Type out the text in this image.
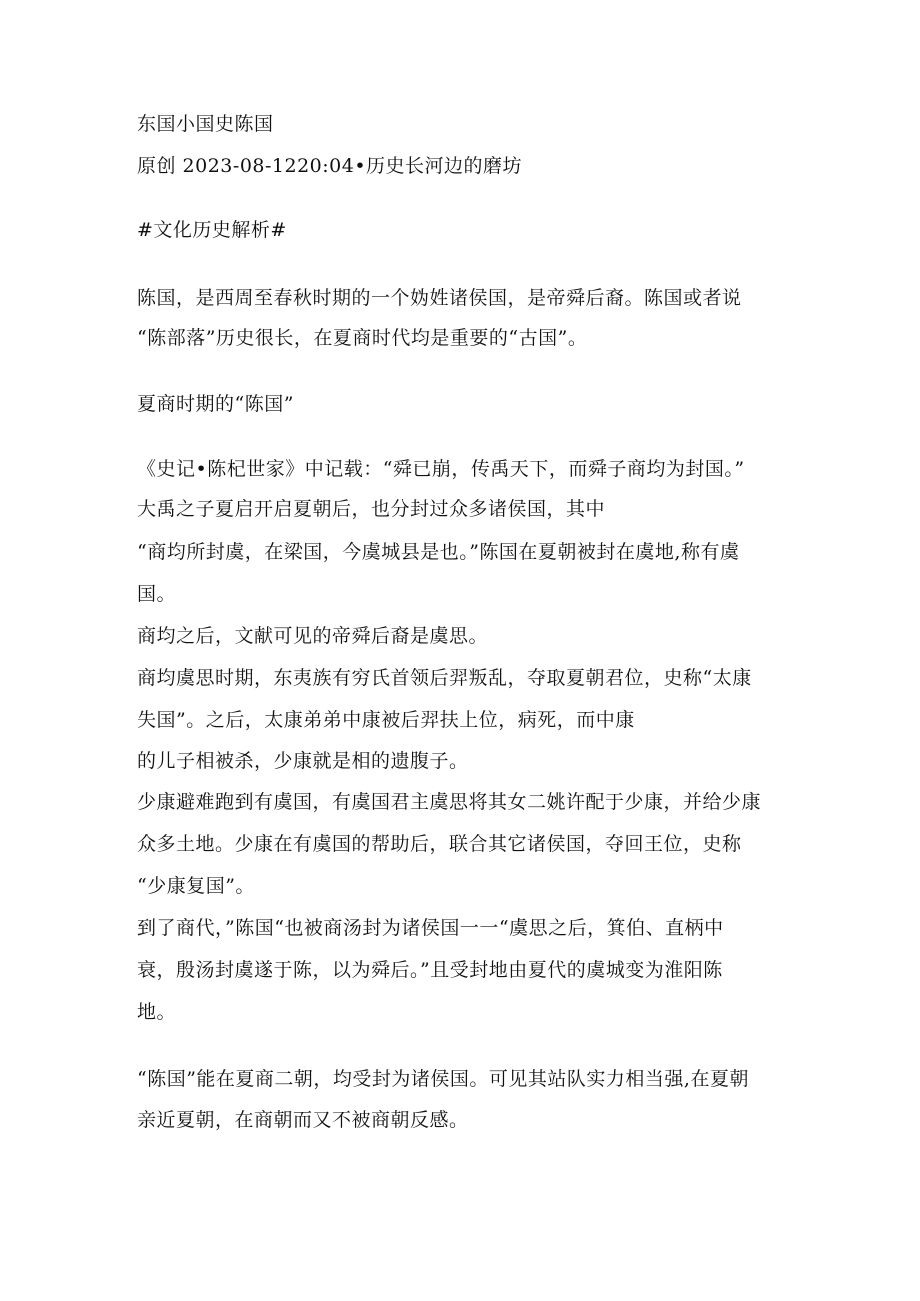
东国小国史陈国
原创 2023-08-1220:04•历史长河边的磨坊
#文化历史解析#
陈国，是西周至春秋时期的一个妫姓诸侯国，是帝舜后裔。陈国或者说
“陈部落”历史很长，在夏商时代均是重要的“古国”。
夏商时期的“陈国”
《史记•陈杞世家》中记载：“舜已崩，传禹天下，而舜子商均为封国。”
大禹之子夏启开启夏朝后，也分封过众多诸侯国，其中
“商均所封虞，在梁国，今虞城县是也。”陈国在夏朝被封在虞地,称有虞
国。
商均之后，文献可见的帝舜后裔是虞思。
商均虞思时期，东夷族有穷氏首领后羿叛乱，夺取夏朝君位，史称“太康
失国”。之后，太康弟弟中康被后羿扶上位，病死，而中康
的儿子相被杀，少康就是相的遗腹子。
少康避难跑到有虞国，有虞国君主虞思将其女二姚许配于少康，并给少康
众多土地。少康在有虞国的帮助后，联合其它诸侯国，夺回王位，史称
“少康复国”。
到了商代，”陈国“也被商汤封为诸侯国一一“虞思之后，箕伯、直柄中
衰，殷汤封虞遂于陈，以为舜后。”且受封地由夏代的虞城变为淮阳陈
地。
“陈国”能在夏商二朝，均受封为诸侯国。可见其站队实力相当强,在夏朝
亲近夏朝，在商朝而又不被商朝反感。
